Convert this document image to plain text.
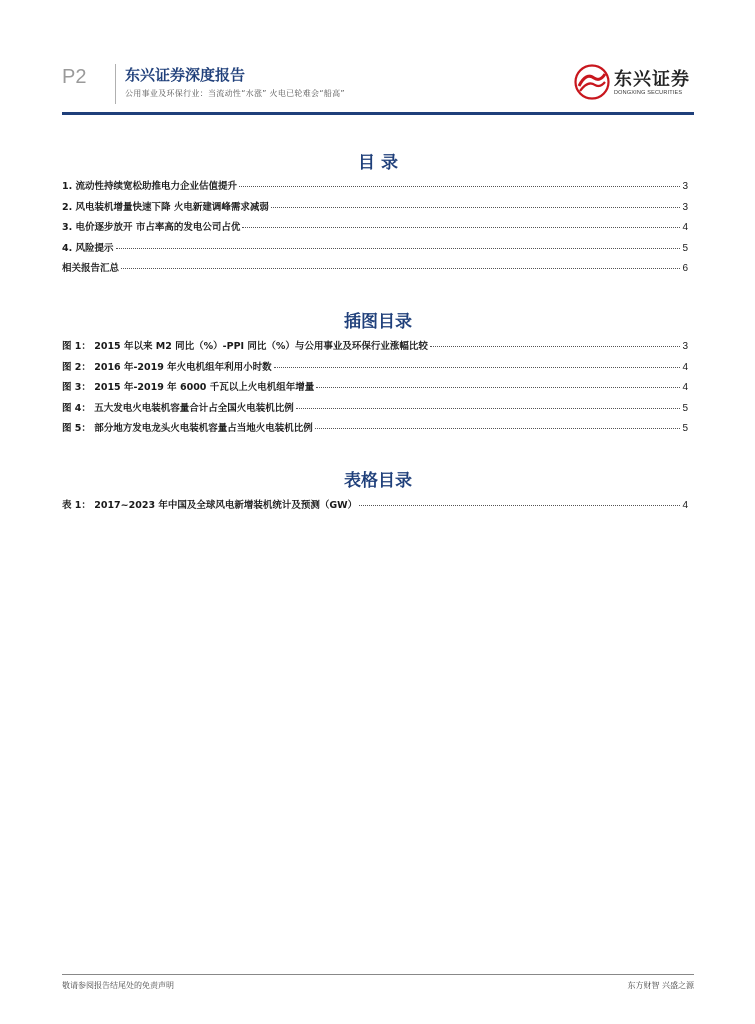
P2	东兴证券深度报告
公用事业及环保行业：当流动性“水涨” 火电已轮难会“船高”
东兴证券
DONGXING SECURITIES
目 录
1. 流动性持续宽松助推电力企业估值提升	3
2. 风电装机增量快速下降 火电新建调峰需求减弱	3
3. 电价逐步放开 市占率高的发电公司占优	4
4. 风险提示	5
相关报告汇总	6
插图目录
图 1： 2015 年以来 M2 同比（%）-PPI 同比（%）与公用事业及环保行业涨幅比较	3
图 2： 2016 年-2019 年火电机组年利用小时数	4
图 3： 2015 年-2019 年 6000 千瓦以上火电机组年增量	4
图 4： 五大发电火电装机容量合计占全国火电装机比例	5
图 5： 部分地方发电龙头火电装机容量占当地火电装机比例	5
表格目录
表 1： 2017~2023 年中国及全球风电新增装机统计及预测（GW）	4
敬请参阅报告结尾处的免责声明	东方财智 兴盛之源
